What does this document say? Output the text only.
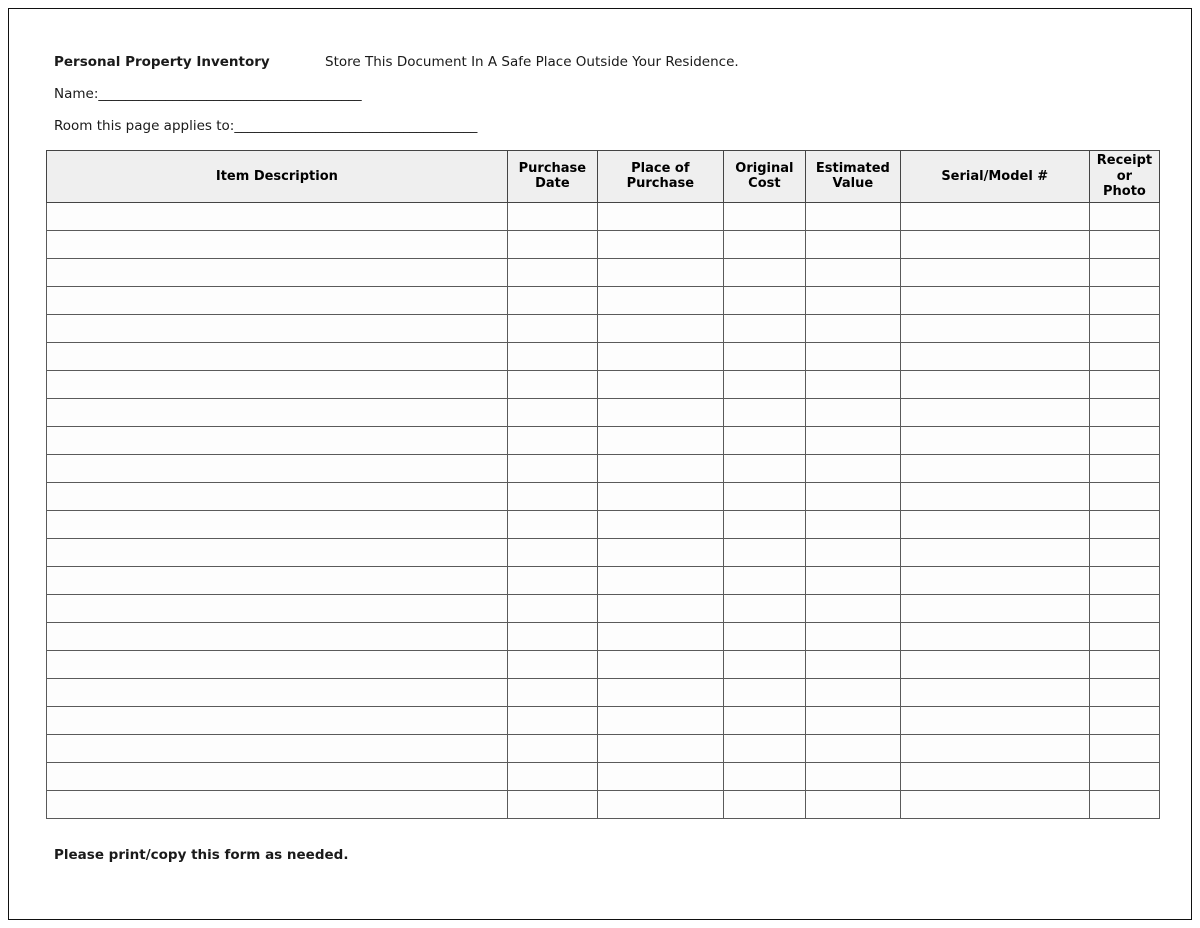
Personal Property Inventory	Store This Document In A Safe Place Outside Your Residence.
Name:_______________________________________
Room this page applies to:____________________________________
Item Description	Purchase Date	Place of Purchase	Original Cost	Estimated Value	Serial/Model #	Receipt or Photo

Please print/copy this form as needed.
